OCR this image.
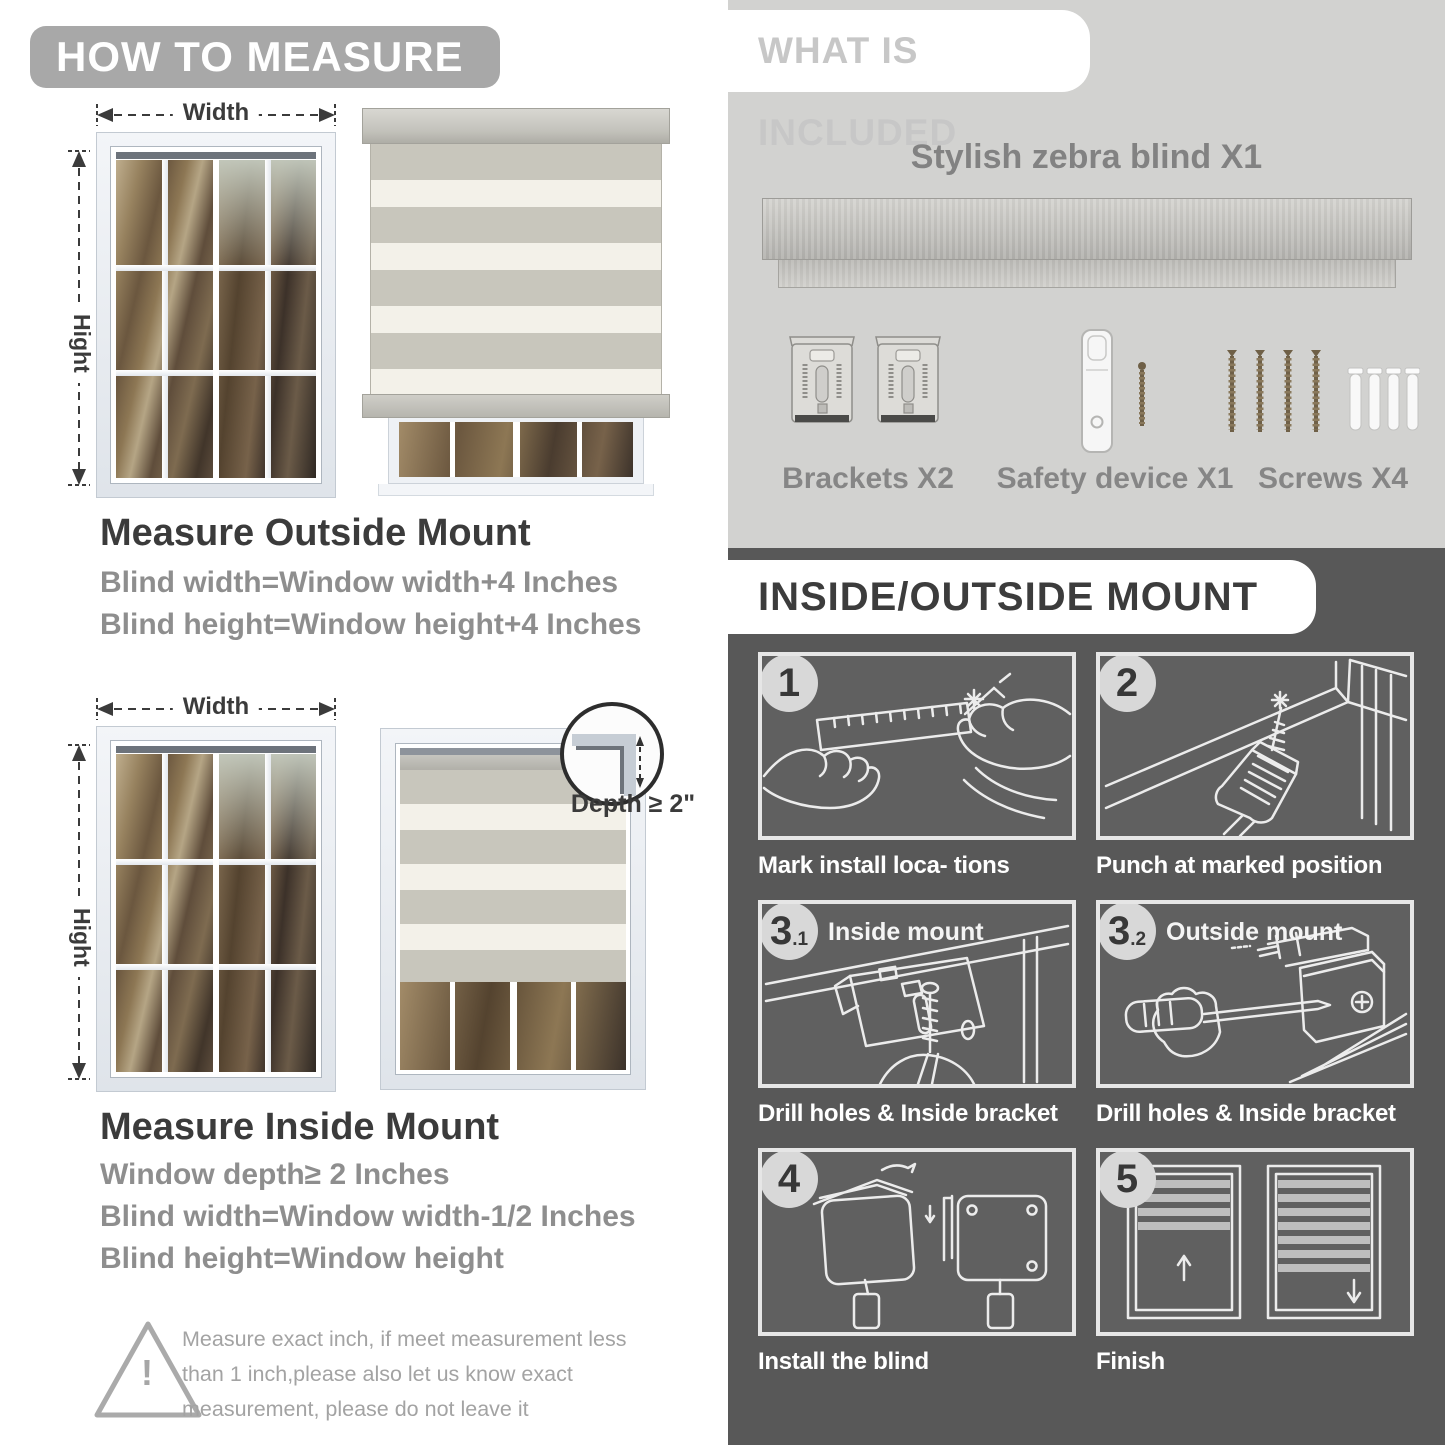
HOW TO MEASURE
Width
Hight
Measure Outside Mount
Blind width=Window width+4 Inches
Blind height=Window height+4 Inches
Width
Hight
Depth ≥ 2"
Measure Inside Mount
Window depth≥ 2 Inches
Blind width=Window width-1/2 Inches
Blind height=Window height
!
Measure exact inch, if meet measurement less
than 1 inch,please also let us know exact
measurement, please do not leave it
WHAT IS INCLUDED
Stylish zebra blind X1
Brackets X2	Safety device X1 Screws X4
INSIDE/OUTSIDE MOUNT
1
Mark install loca- tions
2
Punch at marked position
3 .1 Inside mount
Drill holes & Inside bracket
3 .2 Outside mount
Drill holes & Inside bracket
4
Install the blind
5
Finish
